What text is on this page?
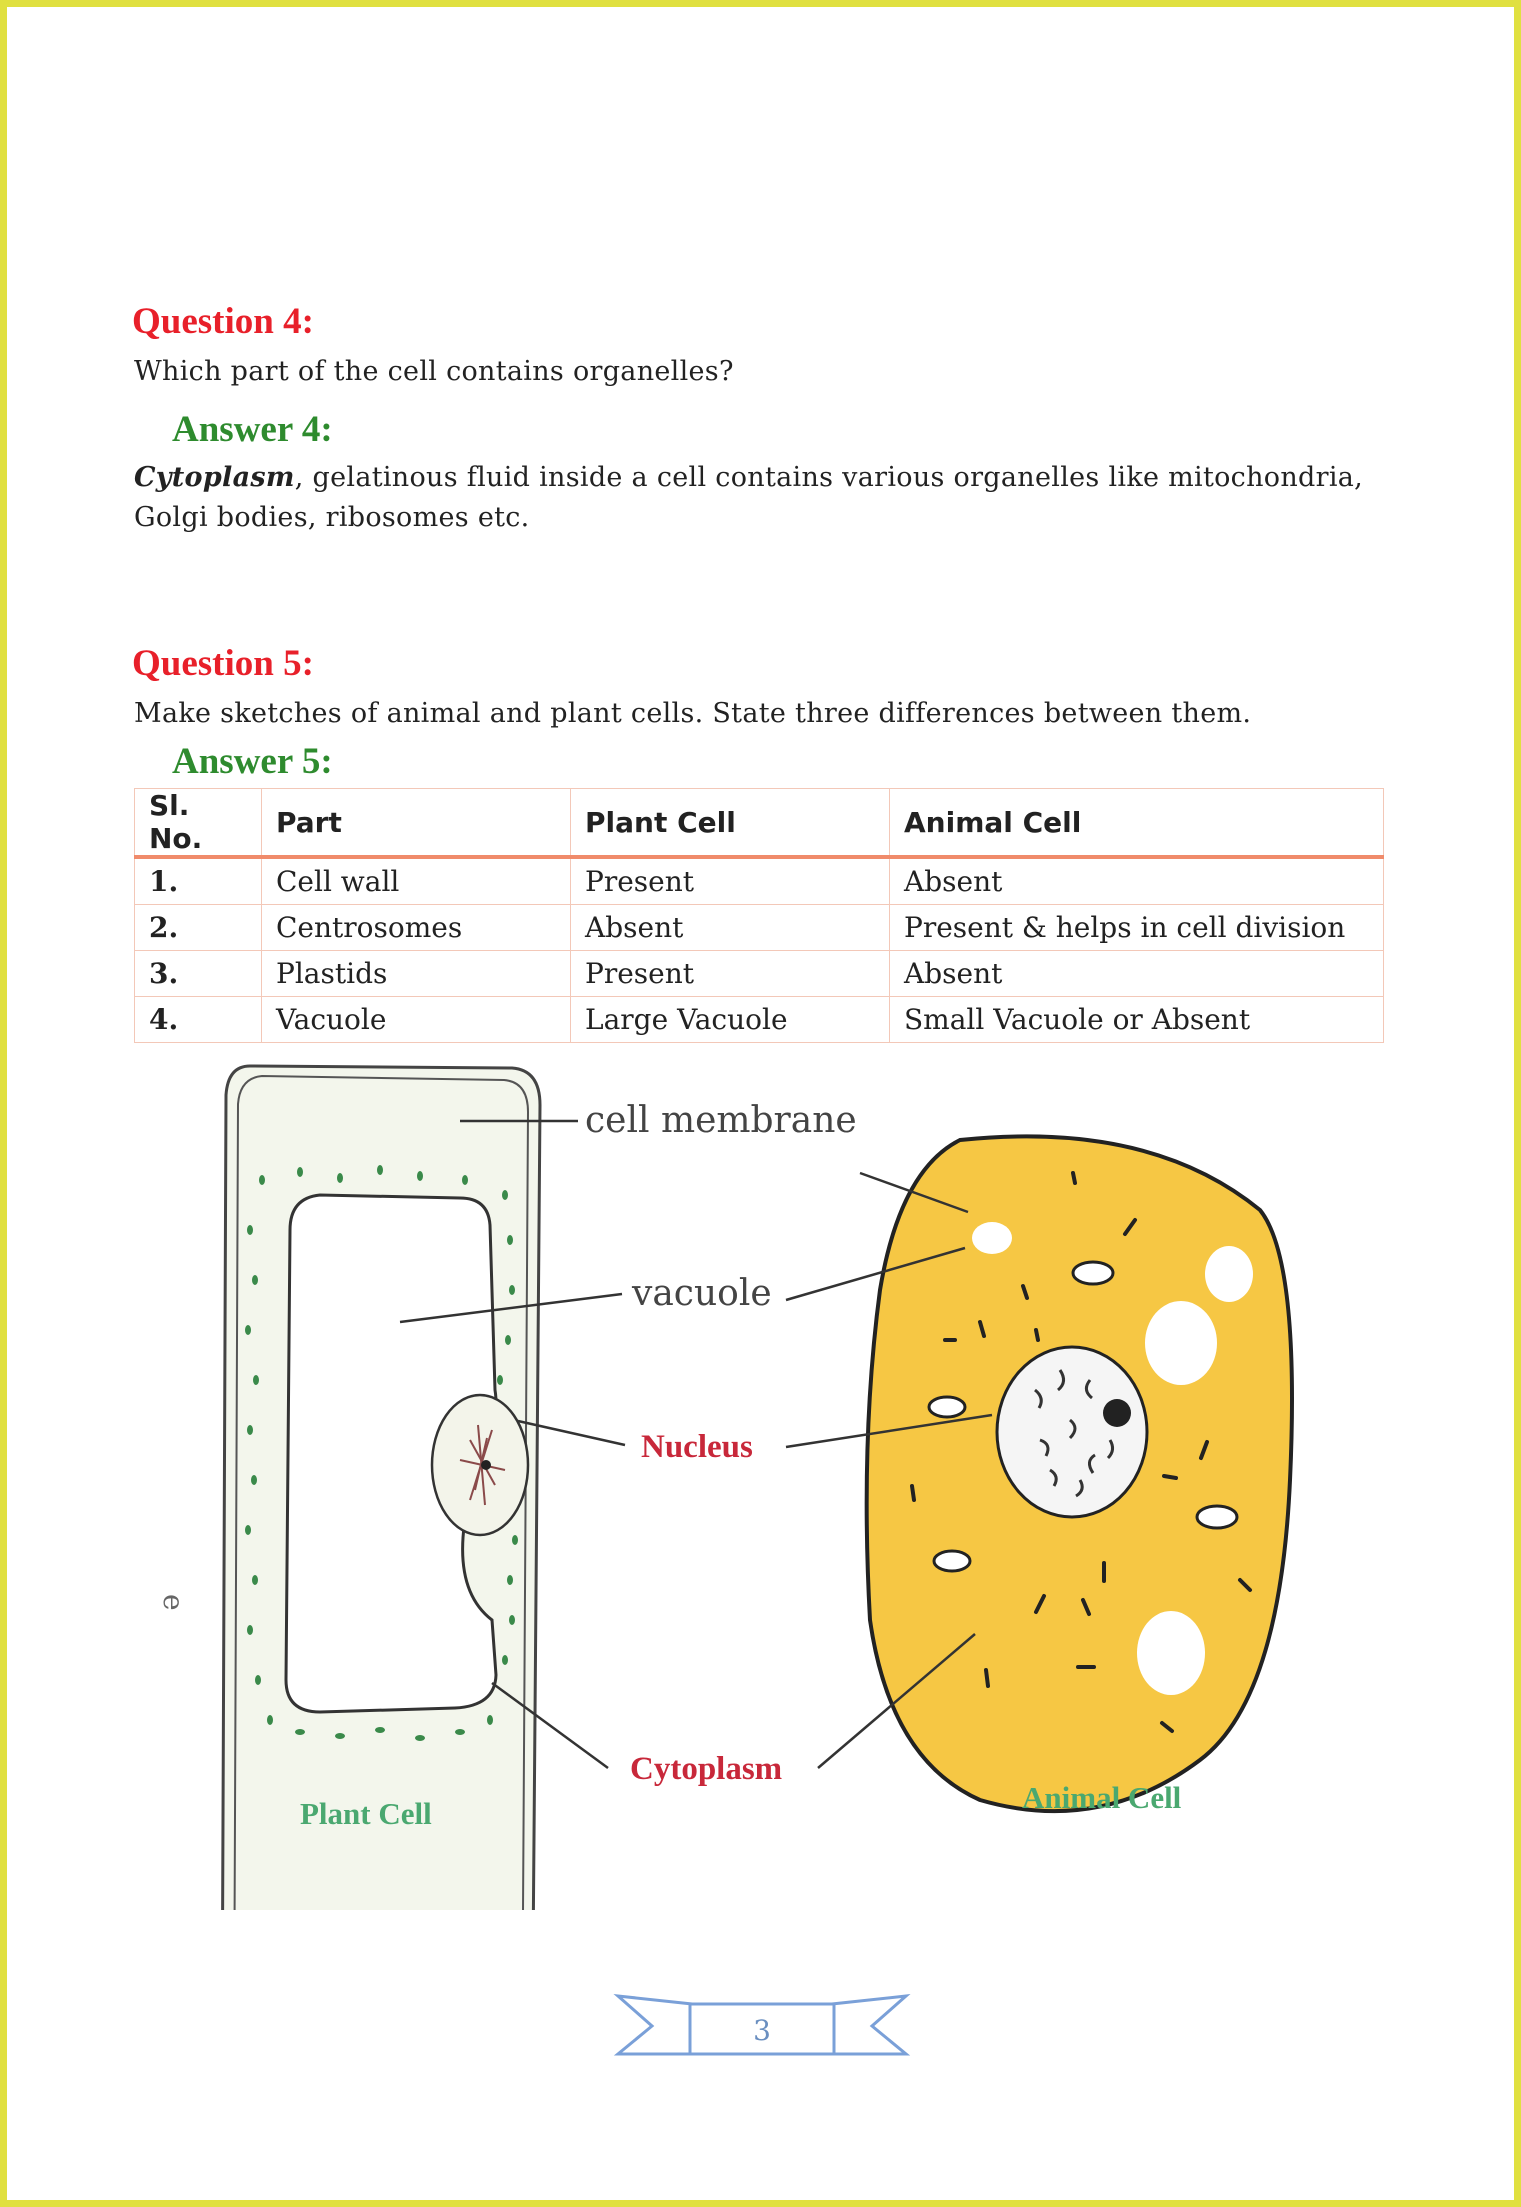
Question 4:
Which part of the cell contains organelles?
Answer 4:
Cytoplasm, gelatinous fluid inside a cell contains various organelles like mitochondria,
Golgi bodies, ribosomes etc.
Question 5:
Make sketches of animal and plant cells. State three differences between them.
Answer 5:
Sl. No.	Part	Plant Cell	Animal Cell
1.	Cell wall	Present	Absent
2.	Centrosomes	Absent	Present & helps in cell division
3.	Plastids	Present	Absent
4.	Vacuole	Large Vacuole	Small Vacuole or Absent
cell membrane
vacuole
Nucleus
Cytoplasm
Plant Cell	Animal Cell
e
3
